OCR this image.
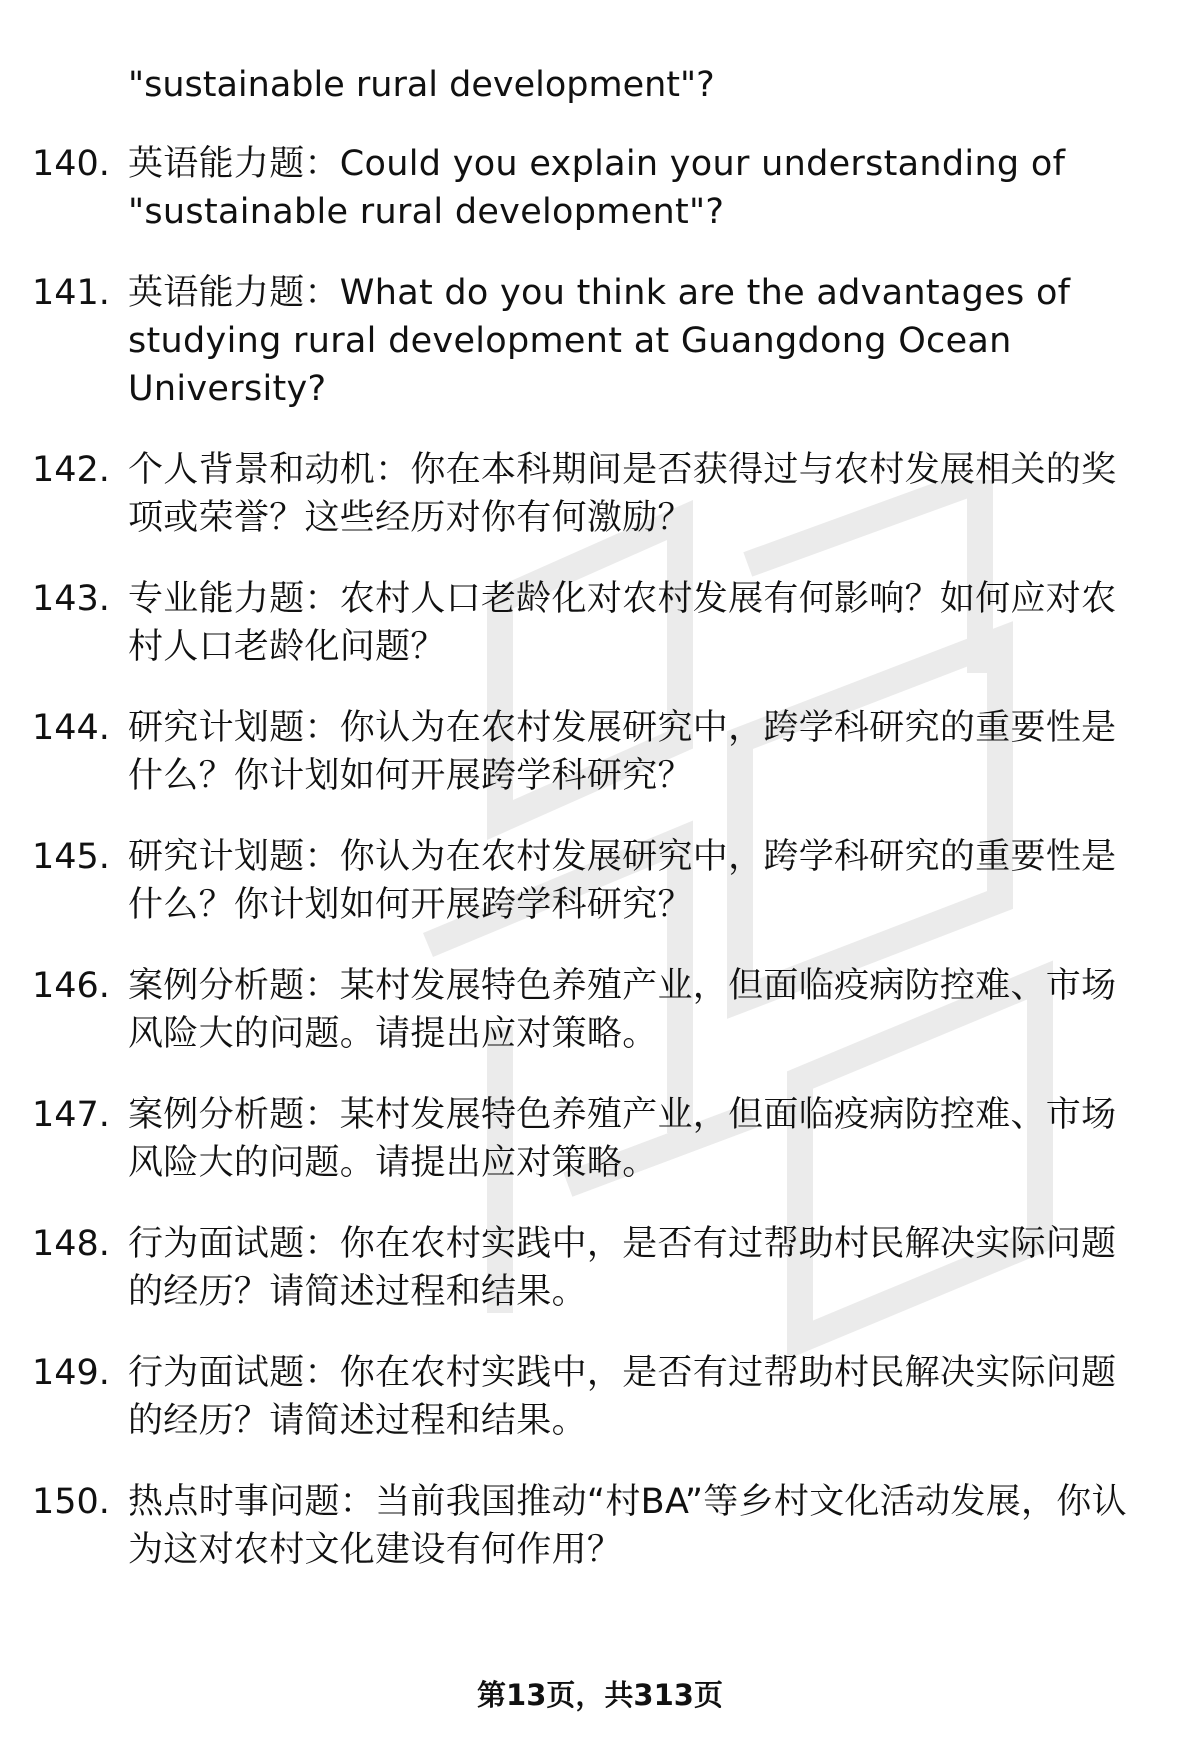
"sustainable rural development"?
140. 英语能力题：Could you explain your understanding of "sustainable rural development"?
141. 英语能力题：What do you think are the advantages of studying rural development at Guangdong Ocean University?
142. 个人背景和动机：你在本科期间是否获得过与农村发展相关的奖项或荣誉？这些经历对你有何激励？
143. 专业能力题：农村人口老龄化对农村发展有何影响？如何应对农村人口老龄化问题？
144. 研究计划题：你认为在农村发展研究中，跨学科研究的重要性是什么？你计划如何开展跨学科研究？
145. 研究计划题：你认为在农村发展研究中，跨学科研究的重要性是什么？你计划如何开展跨学科研究？
146. 案例分析题：某村发展特色养殖产业，但面临疫病防控难、市场风险大的问题。请提出应对策略。
147. 案例分析题：某村发展特色养殖产业，但面临疫病防控难、市场风险大的问题。请提出应对策略。
148. 行为面试题：你在农村实践中，是否有过帮助村民解决实际问题的经历？请简述过程和结果。
149. 行为面试题：你在农村实践中，是否有过帮助村民解决实际问题的经历？请简述过程和结果。
150. 热点时事问题：当前我国推动“村BA”等乡村文化活动发展，你认为这对农村文化建设有何作用？
第13页，共313页
